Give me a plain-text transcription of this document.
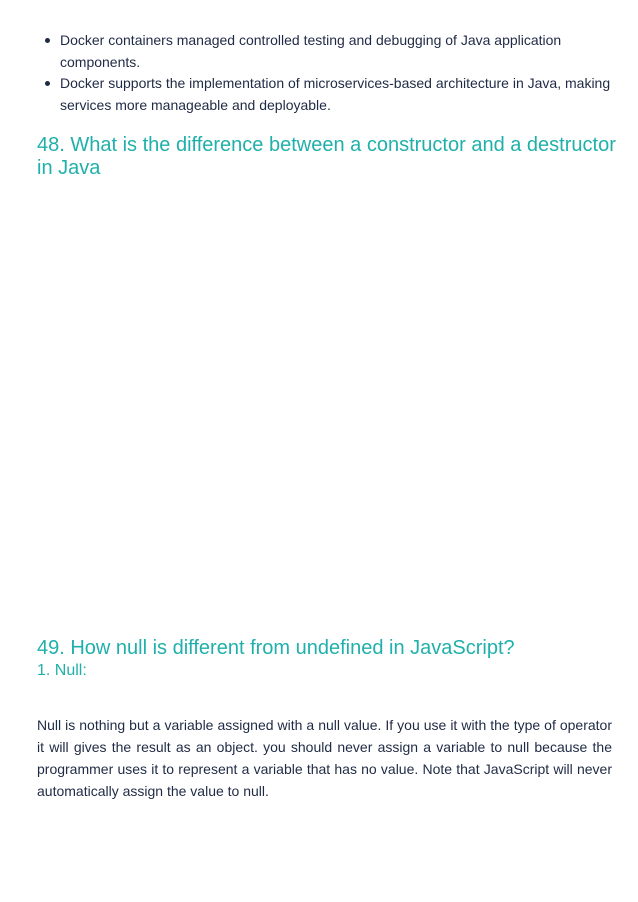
Docker containers managed controlled testing and debugging of Java application components.
Docker supports the implementation of microservices-based architecture in Java, making services more manageable and deployable.
48. What is the difference between a constructor and a destructor in Java
49. How null is different from undefined in JavaScript?
1. Null:

Null is nothing but a variable assigned with a null value. If you use it with the type of operator it will gives the result as an object. you should never assign a variable to null because the programmer uses it to represent a variable that has no value. Note that JavaScript will never automatically assign the value to null.
